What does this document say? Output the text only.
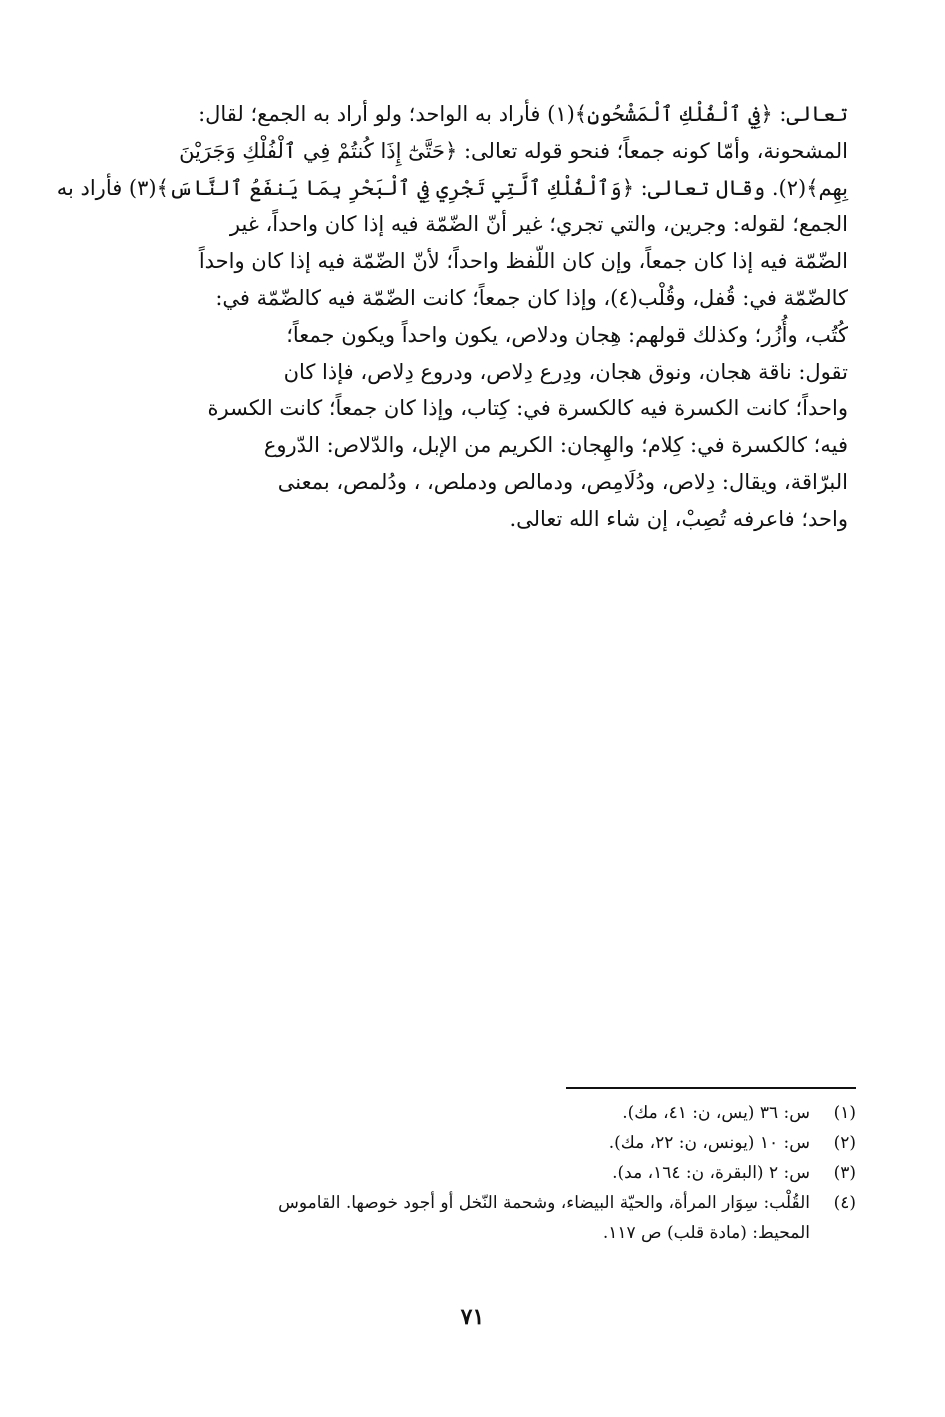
تعالى: ﴿فِي ٱلْفُلْكِ ٱلْمَشْحُونِ﴾(١) فأراد به الواحد؛ ولو أراد به الجمع؛ لقال:
المشحونة، وأمّا كونه جمعاً؛ فنحو قوله تعالى: ﴿حَتَّىٰٓ إِذَا كُنتُمْ فِي ٱلْفُلْكِ وَجَرَيْنَ
بِهِم﴾(٢). وقال تعالى: ﴿وَٱلْفُلْكِ ٱلَّتِي تَجْرِي فِي ٱلْبَحْرِ بِمَا يَنفَعُ ٱلنَّاسَ﴾(٣) فأراد به
الجمع؛ لقوله: وجرين، والتي تجري؛ غير أنّ الضّمّة فيه إذا كان واحداً، غير
الضّمّة فيه إذا كان جمعاً، وإن كان اللّفظ واحداً؛ لأنّ الضّمّة فيه إذا كان واحداً
كالضّمّة في: قُفل، وقُلْب(٤)، وإذا كان جمعاً؛ كانت الضّمّة فيه كالضّمّة في:
كُتُب، وأُزُر؛ وكذلك قولهم: هِجان ودلاص، يكون واحداً ويكون جمعاً؛
تقول: ناقة هجان، ونوق هجان، ودِرع دِلاص، ودروع دِلاص، فإذا كان
واحداً؛ كانت الكسرة فيه كالكسرة في: كِتاب، وإذا كان جمعاً؛ كانت الكسرة
فيه؛ كالكسرة في: كِلام؛ والهِجان: الكريم من الإبل، والدّلاص: الدّروع
البرّاقة، ويقال: دِلاص، ودُلَامِص، ودمالص ودملص، ، ودُلمص، بمعنى
واحد؛ فاعرفه تُصِبْ، إن شاء الله تعالى.
(١)
س: ٣٦ (يس، ن: ٤١، مك).
(٢)
س: ١٠ (يونس، ن: ٢٢، مك).
(٣)
س: ٢ (البقرة، ن: ١٦٤، مد).
(٤)
القُلْب: سِوَار المرأة، والحيّة البيضاء، وشحمة النّخل أو أجود خوصها. القاموس
المحيط: (مادة قلب) ص ١١٧.
٧١
